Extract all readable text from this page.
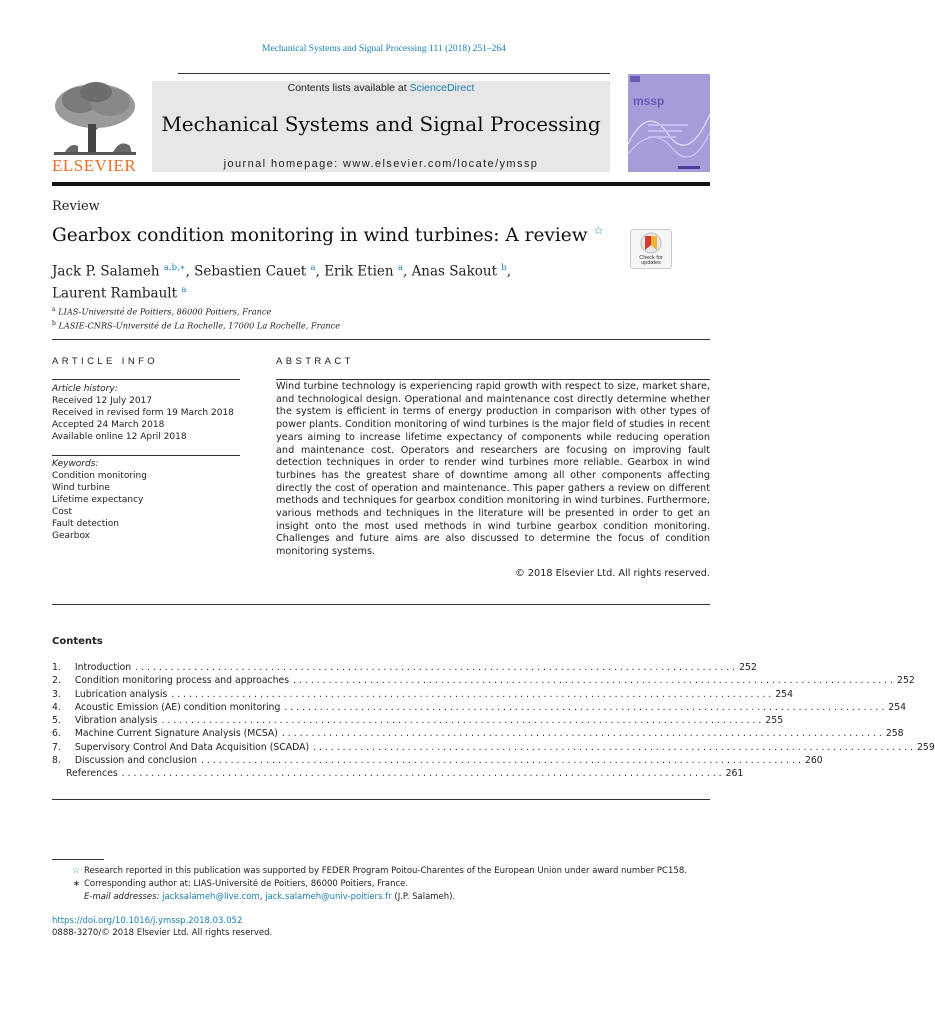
Mechanical Systems and Signal Processing 111 (2018) 251–264
ELSEVIER
Contents lists available at ScienceDirect
Mechanical Systems and Signal Processing
journal homepage: www.elsevier.com/locate/ymssp
mssp
Review
Gearbox condition monitoring in wind turbines: A review ☆
Check for
updates
Jack P. Salameh $^{a,b,∗}$, Sebastien Cauet $^a$, Erik Etien $^a$, Anas Sakout $^b$,
Laurent Rambault $^a$
$^a$ LIAS-Université de Poitiers, 86000 Poitiers, France
$^b$ LASIE-CNRS-Université de La Rochelle, 17000 La Rochelle, France
ARTICLE INFO	ABSTRACT
Article history:
Received 12 July 2017
Received in revised form 19 March 2018
Accepted 24 March 2018
Available online 12 April 2018
Keywords:
Condition monitoring
Wind turbine
Lifetime expectancy
Cost
Fault detection
Gearbox
Wind turbine technology is experiencing rapid growth with respect to size, market share, and technological design. Operational and maintenance cost directly determine whether the system is efficient in terms of energy production in comparison with other types of power plants. Condition monitoring of wind turbines is the major field of studies in recent years aiming to increase lifetime expectancy of components while reducing operation and maintenance cost. Operators and researchers are focusing on improving fault detection techniques in order to render wind turbines more reliable. Gearbox in wind turbines has the greatest share of downtime among all other components affecting directly the cost of operation and maintenance. This paper gathers a review on different methods and techniques for gearbox condition monitoring in wind turbines. Furthermore, various methods and techniques in the literature will be presented in order to get an insight onto the most used methods in wind turbine gearbox condition monitoring. Challenges and future aims are also discussed to determine the focus of condition monitoring systems.
© 2018 Elsevier Ltd. All rights reserved.
Contents
1. Introduction . . . . . . . . . . . . . . . . . . . . . . . . . . . . . . . . . . . . . . . . . . . . . . . . . . . . . . . . . . . . . . . . . . . . . . . . . . . . . . . . . . . . . . . . . . . . . . . . . . . . . . 252
2. Condition monitoring process and approaches . . . . . . . . . . . . . . . . . . . . . . . . . . . . . . . . . . . . . . . . . . . . . . . . . . . . . . . . . . . . . . . . . . . . . . . . . . . . . . . . . . . . . . . . . . . . . . . . . . . . . . 252
3. Lubrication analysis . . . . . . . . . . . . . . . . . . . . . . . . . . . . . . . . . . . . . . . . . . . . . . . . . . . . . . . . . . . . . . . . . . . . . . . . . . . . . . . . . . . . . . . . . . . . . . . . . . . . . . 254
4. Acoustic Emission (AE) condition monitoring . . . . . . . . . . . . . . . . . . . . . . . . . . . . . . . . . . . . . . . . . . . . . . . . . . . . . . . . . . . . . . . . . . . . . . . . . . . . . . . . . . . . . . . . . . . . . . . . . . . . . . 254
5. Vibration analysis . . . . . . . . . . . . . . . . . . . . . . . . . . . . . . . . . . . . . . . . . . . . . . . . . . . . . . . . . . . . . . . . . . . . . . . . . . . . . . . . . . . . . . . . . . . . . . . . . . . . . . 255
6. Machine Current Signature Analysis (MCSA) . . . . . . . . . . . . . . . . . . . . . . . . . . . . . . . . . . . . . . . . . . . . . . . . . . . . . . . . . . . . . . . . . . . . . . . . . . . . . . . . . . . . . . . . . . . . . . . . . . . . . . 258
7. Supervisory Control And Data Acquisition (SCADA) . . . . . . . . . . . . . . . . . . . . . . . . . . . . . . . . . . . . . . . . . . . . . . . . . . . . . . . . . . . . . . . . . . . . . . . . . . . . . . . . . . . . . . . . . . . . . . . . . . . . . . 259
8. Discussion and conclusion . . . . . . . . . . . . . . . . . . . . . . . . . . . . . . . . . . . . . . . . . . . . . . . . . . . . . . . . . . . . . . . . . . . . . . . . . . . . . . . . . . . . . . . . . . . . . . . . . . . . . . 260
References . . . . . . . . . . . . . . . . . . . . . . . . . . . . . . . . . . . . . . . . . . . . . . . . . . . . . . . . . . . . . . . . . . . . . . . . . . . . . . . . . . . . . . . . . . . . . . . . . . . . . . 261
☆ Research reported in this publication was supported by FEDER Program Poitou-Charentes of the European Union under award number PC158.
∗ Corresponding author at: LIAS-Université de Poitiers, 86000 Poitiers, France.
E-mail addresses: jacksalameh@live.com, jack.salameh@univ-poitiers.fr (J.P. Salameh).
https://doi.org/10.1016/j.ymssp.2018.03.052
0888-3270/© 2018 Elsevier Ltd. All rights reserved.
